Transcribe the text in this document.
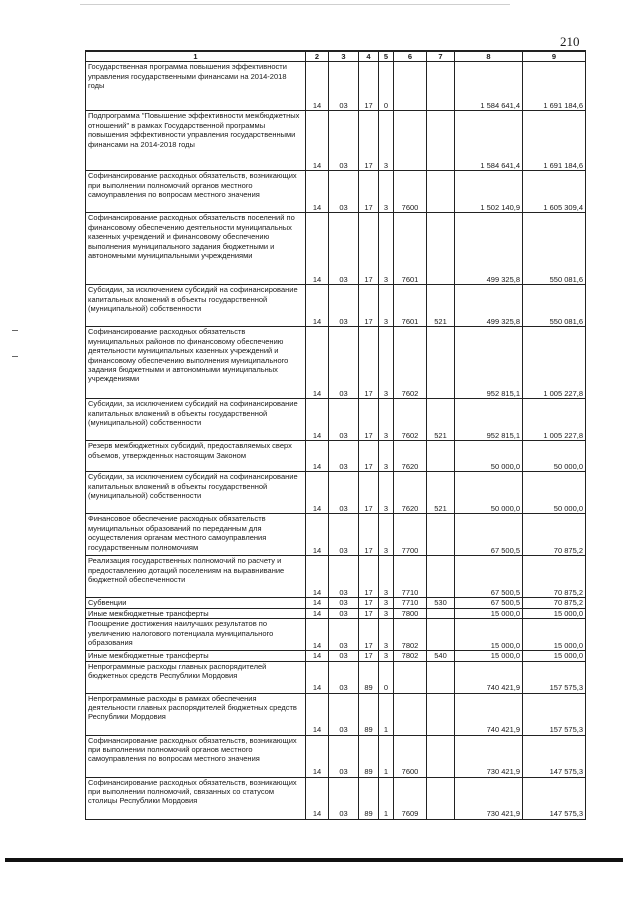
210
1	2	3	4	5	6	7	8	9
Государственная программа повышения эффективности управления государственными финансами на 2014-2018 годы	14	03	17	0			1 584 641,4	1 691 184,6
Подпрограмма "Повышение эффективности межбюджетных отношений" в рамках Государственной программы повышения эффективности управления государственными финансами на 2014-2018 годы	14	03	17	3			1 584 641,4	1 691 184,6
Софинансирование расходных обязательств, возникающих при выполнении полномочий органов местного самоуправления по вопросам местного значения	14	03	17	3	7600		1 502 140,9	1 605 309,4
Софинансирование расходных обязательств поселений по финансовому обеспечению деятельности муниципальных казенных учреждений и финансовому обеспечению выполнения муниципального задания бюджетными и автономными муниципальными учреждениями	14	03	17	3	7601		499 325,8	550 081,6
Субсидии, за исключением субсидий на софинансирование капитальных вложений в объекты государственной (муниципальной) собственности	14	03	17	3	7601	521	499 325,8	550 081,6
Софинансирование расходных обязательств муниципальных районов по финансовому обеспечению деятельности муниципальных казенных учреждений и финансовому обеспечению выполнения муниципального задания бюджетными и автономными муниципальных учреждениями	14	03	17	3	7602		952 815,1	1 005 227,8
Субсидии, за исключением субсидий на софинансирование капитальных вложений в объекты государственной (муниципальной) собственности	14	03	17	3	7602	521	952 815,1	1 005 227,8
Резерв межбюджетных субсидий, предоставляемых сверх объемов, утвержденных настоящим Законом	14	03	17	3	7620		50 000,0	50 000,0
Субсидии, за исключением субсидий на софинансирование капитальных вложений в объекты государственной (муниципальной) собственности	14	03	17	3	7620	521	50 000,0	50 000,0
Финансовое обеспечение расходных обязательств муниципальных образований по переданным для осуществления органам местного самоуправления государственным полномочиям	14	03	17	3	7700		67 500,5	70 875,2
Реализация государственных полномочий по расчету и предоставлению дотаций поселениям на выравнивание бюджетной обеспеченности	14	03	17	3	7710		67 500,5	70 875,2
Субвенции	14	03	17	3	7710	530	67 500,5	70 875,2
Иные межбюджетные трансферты	14	03	17	3	7800		15 000,0	15 000,0
Поощрение достижения наилучших результатов по увеличению налогового потенциала муниципального образования	14	03	17	3	7802		15 000,0	15 000,0
Иные межбюджетные трансферты	14	03	17	3	7802	540	15 000,0	15 000,0
Непрограммные расходы главных распорядителей бюджетных средств Республики Мордовия	14	03	89	0			740 421,9	157 575,3
Непрограммные расходы в рамках обеспечения деятельности главных распорядителей бюджетных средств Республики Мордовия	14	03	89	1			740 421,9	157 575,3
Софинансирование расходных обязательств, возникающих при выполнении полномочий органов местного самоуправления по вопросам местного значения	14	03	89	1	7600		730 421,9	147 575,3
Софинансирование расходных обязательств, возникающих при выполнении полномочий, связанных со статусом столицы Республики Мордовия	14	03	89	1	7609		730 421,9	147 575,3
